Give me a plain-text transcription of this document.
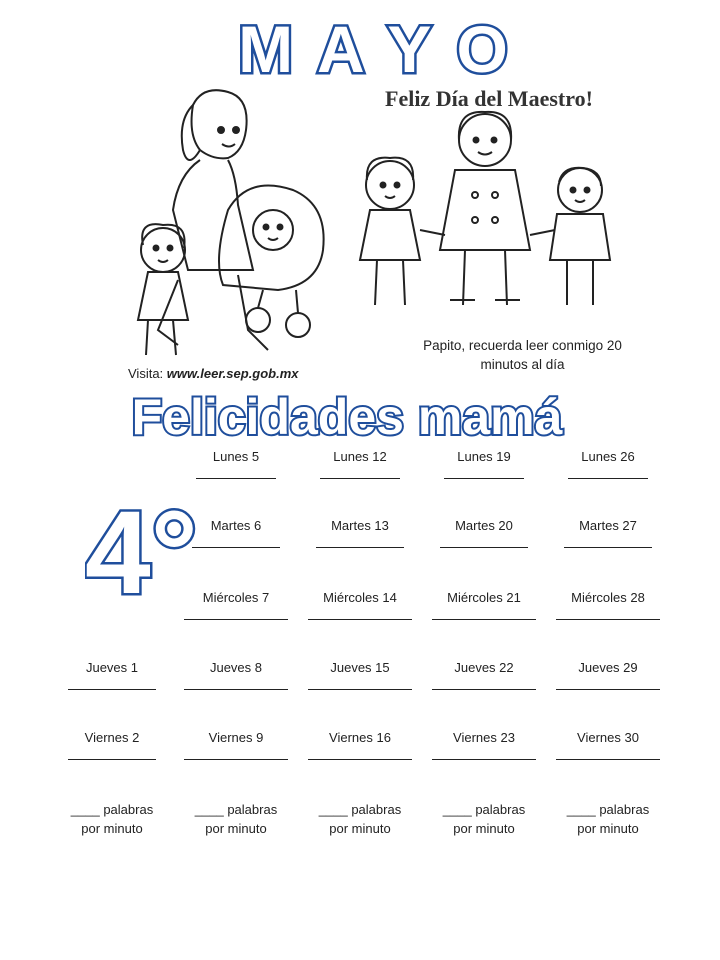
M A Y O
Feliz Día del Maestro!
Papito, recuerda leer conmigo 20 minutos al día
Visita: www.leer.sep.gob.mx
Felicidades mamá
4°
Jueves 1
Viernes 2
Lunes 5
Martes 6
Miércoles 7
Jueves 8
Viernes 9
Lunes 12
Martes 13
Miércoles 14
Jueves 15
Viernes 16
Lunes 19
Martes 20
Miércoles 21
Jueves 22
Viernes 23
Lunes 26
Martes 27
Miércoles 28
Jueves 29
Viernes 30
____ palabras
por minuto
____ palabras
por minuto
____ palabras
por minuto
____ palabras
por minuto
____ palabras
por minuto
